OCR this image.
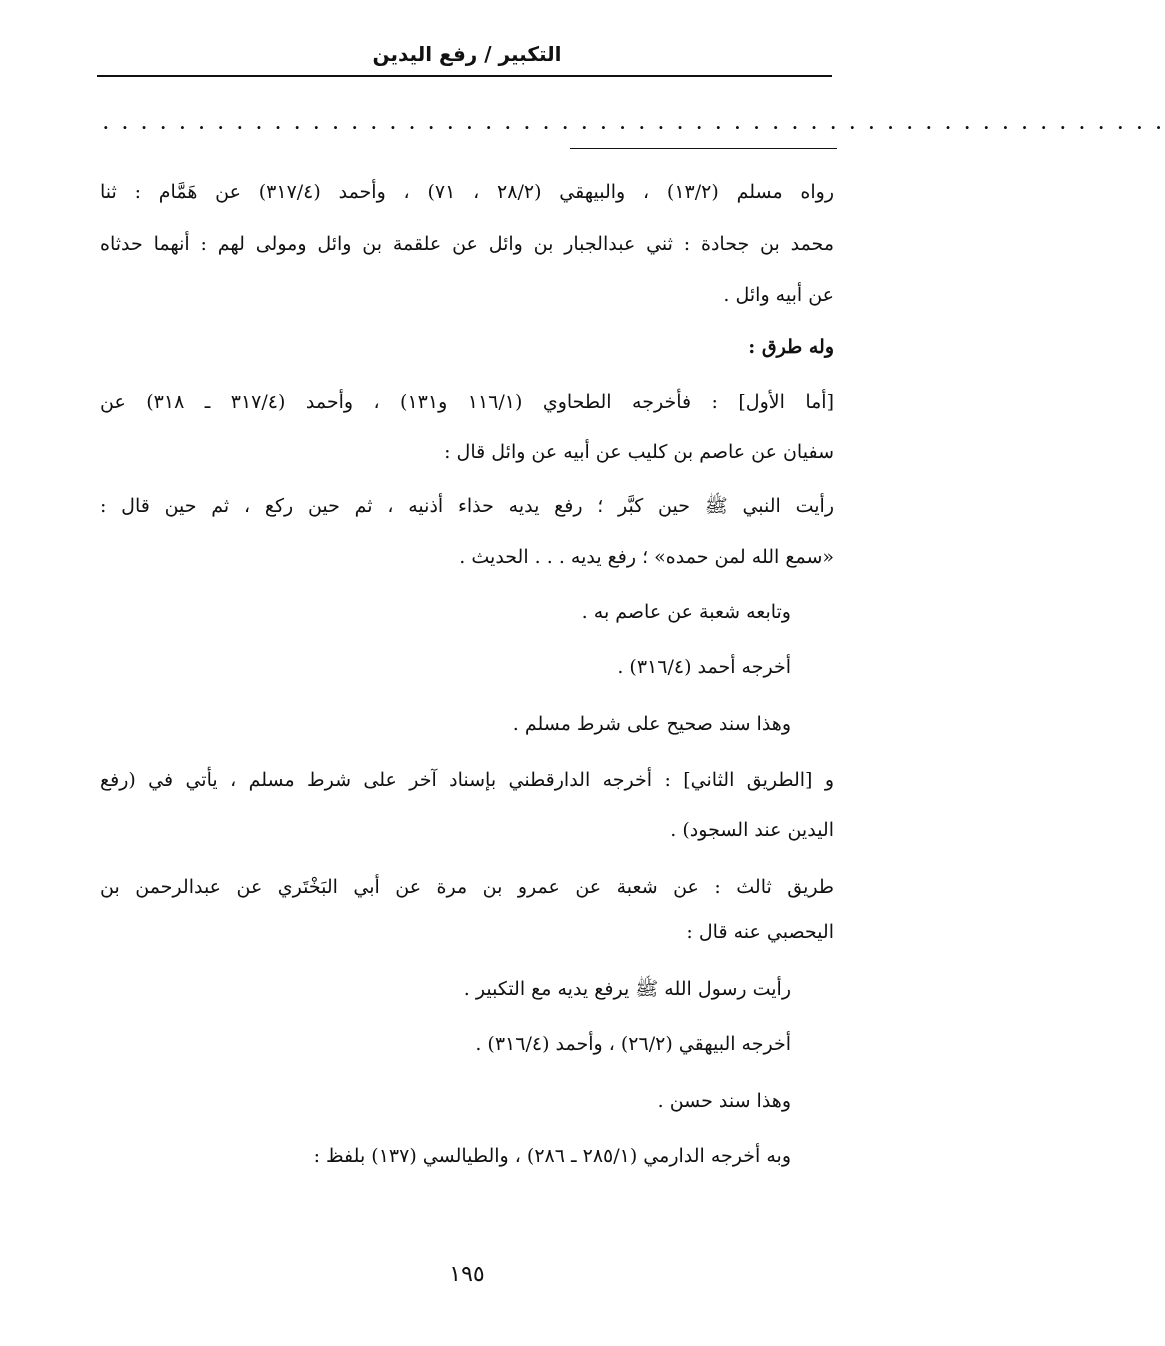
التكبير / رفع اليدين
. . . . . . . . . . . . . . . . . . . . . . . . . . . . . . . . . . . . . . . . . . . . . . . . . . . . . . . .
رواه مسلم (١٣/٢) ، والبيهقي (٢٨/٢ ، ٧١) ، وأحمد (٣١٧/٤) عن هَمَّام : ثنا
محمد بن جحادة : ثني عبدالجبار بن وائل عن علقمة بن وائل ومولى لهم : أنهما حدثاه
عن أبيه وائل .
وله طرق :
[أما الأول] : فأخرجه الطحاوي (١١٦/١ و١٣١) ، وأحمد (٣١٧/٤ ـ ٣١٨) عن
سفيان عن عاصم بن كليب عن أبيه عن وائل قال :
رأيت النبي ﷺ حين كبَّر ؛ رفع يديه حذاء أذنيه ، ثم حين ركع ، ثم حين قال :
«سمع الله لمن حمده» ؛ رفع يديه . . . الحديث .
وتابعه شعبة عن عاصم به .
أخرجه أحمد (٣١٦/٤) .
وهذا سند صحيح على شرط مسلم .
و [الطريق الثاني] : أخرجه الدارقطني بإسناد آخر على شرط مسلم ، يأتي في (رفع
اليدين عند السجود) .
طريق ثالث : عن شعبة عن عمرو بن مرة عن أبي البَخْتَري عن عبدالرحمن بن
اليحصبي عنه قال :
رأيت رسول الله ﷺ يرفع يديه مع التكبير .
أخرجه البيهقي (٢٦/٢) ، وأحمد (٣١٦/٤) .
وهذا سند حسن .
وبه أخرجه الدارمي (٢٨٥/١ ـ ٢٨٦) ، والطيالسي (١٣٧) بلفظ :
١٩٥
